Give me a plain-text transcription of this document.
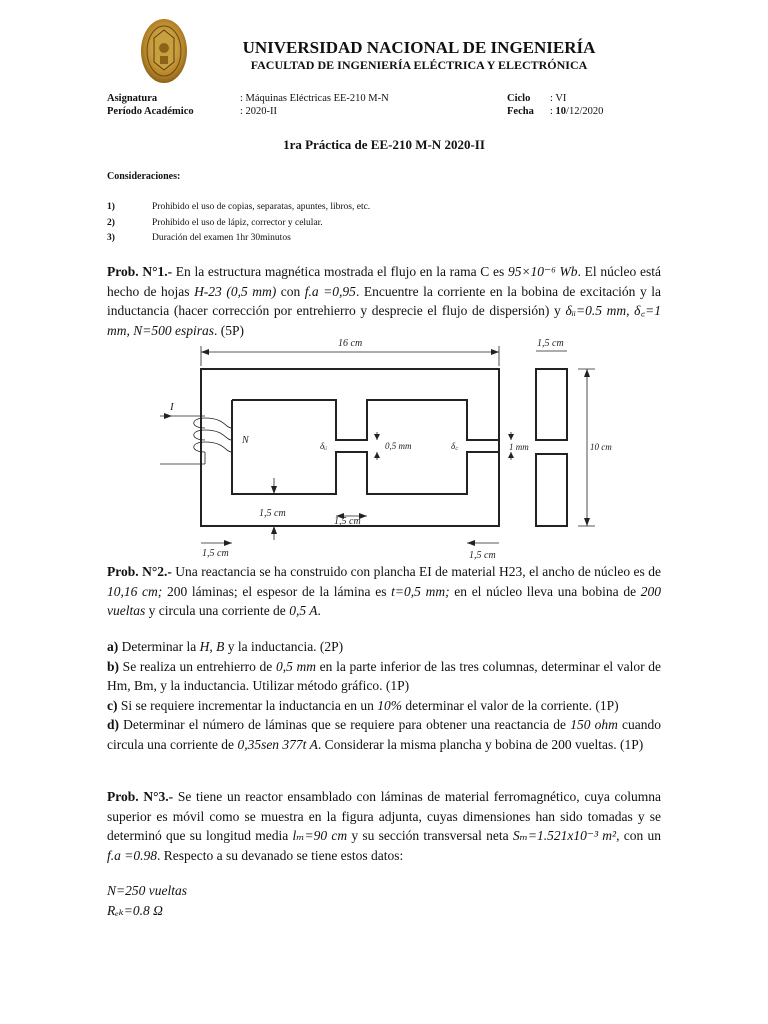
UNIVERSIDAD NACIONAL DE INGENIERÍA
FACULTAD DE INGENIERÍA ELÉCTRICA Y ELECTRÓNICA
Asignatura	: Máquinas Eléctricas EE-210 M-N	Ciclo : VI
Período Académico	: 2020-II	Fecha : 10/12/2020
1ra Práctica de EE-210 M-N 2020-II
Consideraciones:
1)	Prohibido el uso de copias, separatas, apuntes, libros, etc.
2)	Prohibido el uso de lápiz, corrector y celular.
3)	Duración del examen 1hr 30minutos
Prob. N°1.- En la estructura magnética mostrada el flujo en la rama C es 95×10⁻⁶ Wb. El núcleo está hecho de hojas H-23 (0,5 mm) con f.a =0,95. Encuentre la corriente en la bobina de excitación y la inductancia (hacer corrección por entrehierro y desprecie el flujo de dispersión) y δᵢᵢ=0.5 mm, δ꜀=1 mm, N=500 espiras. (5P)
16 cm	1,5 cm
10 cm
0,5 mm	1 mm
1,5 cm
1,5 cm
1,5 cm	1,5 cm
I
N	δᵢᵢ	δ꜀
Prob. N°2.- Una reactancia se ha construido con plancha EI de material H23, el ancho de núcleo es de 10,16 cm; 200 láminas; el espesor de la lámina es t=0,5 mm; en el núcleo lleva una bobina de 200 vueltas y circula una corriente de 0,5 A.
a) Determinar la H, B y la inductancia. (2P)
b) Se realiza un entrehierro de 0,5 mm en la parte inferior de las tres columnas, determinar el valor de Hm, Bm, y la inductancia. Utilizar método gráfico. (1P)
c) Si se requiere incrementar la inductancia en un 10% determinar el valor de la corriente. (1P)
d) Determinar el número de láminas que se requiere para obtener una reactancia de 150 ohm cuando circula una corriente de 0,35sen 377t A. Considerar la misma plancha y bobina de 200 vueltas. (1P)
Prob. N°3.- Se tiene un reactor ensamblado con láminas de material ferromagnético, cuya columna superior es móvil como se muestra en la figura adjunta, cuyas dimensiones han sido tomadas y se determinó que su longitud media lₘ=90 cm y su sección transversal neta Sₘ=1.521x10⁻³ m², con un f.a =0.98. Respecto a su devanado se tiene estos datos:
N=250 vueltas
Rₑₖ=0.8 Ω
